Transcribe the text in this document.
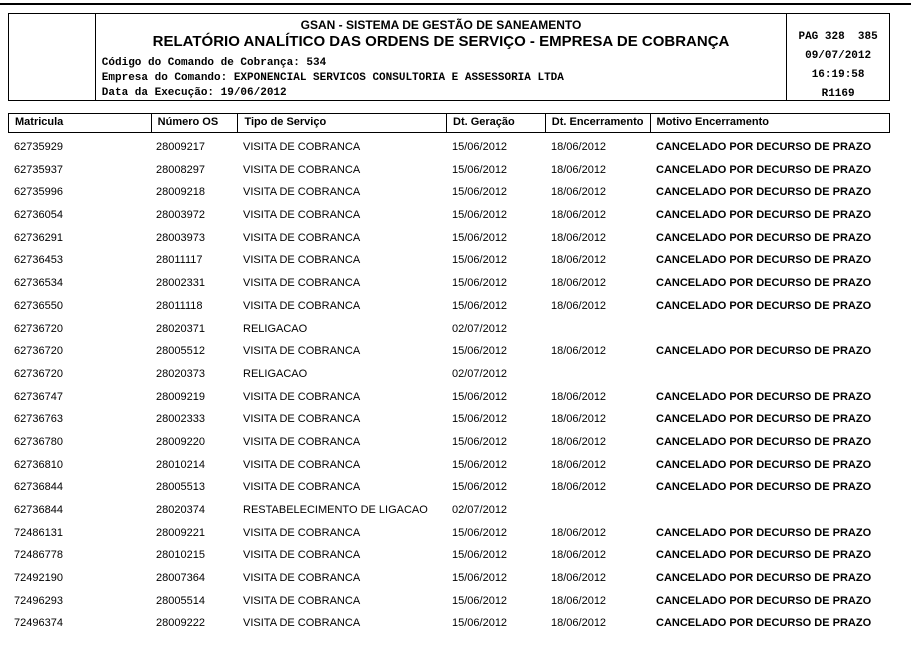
GSAN - SISTEMA DE GESTÃO DE SANEAMENTO
RELATÓRIO ANALÍTICO DAS ORDENS DE SERVIÇO - EMPRESA DE COBRANÇA
Código do Comando de Cobrança: 534
Empresa do Comando: EXPONENCIAL SERVICOS CONSULTORIA E ASSESSORIA LTDA
Data da Execução: 19/06/2012
PAG 328  385
09/07/2012
16:19:58
R1169
Matricula	Número OS	Tipo de Serviço	Dt. Geração	Dt. Encerramento	Motivo Encerramento
62735929	28009217	VISITA DE COBRANCA	15/06/2012	18/06/2012	CANCELADO POR DECURSO DE PRAZO
62735937	28008297	VISITA DE COBRANCA	15/06/2012	18/06/2012	CANCELADO POR DECURSO DE PRAZO
62735996	28009218	VISITA DE COBRANCA	15/06/2012	18/06/2012	CANCELADO POR DECURSO DE PRAZO
62736054	28003972	VISITA DE COBRANCA	15/06/2012	18/06/2012	CANCELADO POR DECURSO DE PRAZO
62736291	28003973	VISITA DE COBRANCA	15/06/2012	18/06/2012	CANCELADO POR DECURSO DE PRAZO
62736453	28011117	VISITA DE COBRANCA	15/06/2012	18/06/2012	CANCELADO POR DECURSO DE PRAZO
62736534	28002331	VISITA DE COBRANCA	15/06/2012	18/06/2012	CANCELADO POR DECURSO DE PRAZO
62736550	28011118	VISITA DE COBRANCA	15/06/2012	18/06/2012	CANCELADO POR DECURSO DE PRAZO
62736720	28020371	RELIGACAO	02/07/2012
62736720	28005512	VISITA DE COBRANCA	15/06/2012	18/06/2012	CANCELADO POR DECURSO DE PRAZO
62736720	28020373	RELIGACAO	02/07/2012
62736747	28009219	VISITA DE COBRANCA	15/06/2012	18/06/2012	CANCELADO POR DECURSO DE PRAZO
62736763	28002333	VISITA DE COBRANCA	15/06/2012	18/06/2012	CANCELADO POR DECURSO DE PRAZO
62736780	28009220	VISITA DE COBRANCA	15/06/2012	18/06/2012	CANCELADO POR DECURSO DE PRAZO
62736810	28010214	VISITA DE COBRANCA	15/06/2012	18/06/2012	CANCELADO POR DECURSO DE PRAZO
62736844	28005513	VISITA DE COBRANCA	15/06/2012	18/06/2012	CANCELADO POR DECURSO DE PRAZO
62736844	28020374	RESTABELECIMENTO DE LIGACAO	02/07/2012
72486131	28009221	VISITA DE COBRANCA	15/06/2012	18/06/2012	CANCELADO POR DECURSO DE PRAZO
72486778	28010215	VISITA DE COBRANCA	15/06/2012	18/06/2012	CANCELADO POR DECURSO DE PRAZO
72492190	28007364	VISITA DE COBRANCA	15/06/2012	18/06/2012	CANCELADO POR DECURSO DE PRAZO
72496293	28005514	VISITA DE COBRANCA	15/06/2012	18/06/2012	CANCELADO POR DECURSO DE PRAZO
72496374	28009222	VISITA DE COBRANCA	15/06/2012	18/06/2012	CANCELADO POR DECURSO DE PRAZO
